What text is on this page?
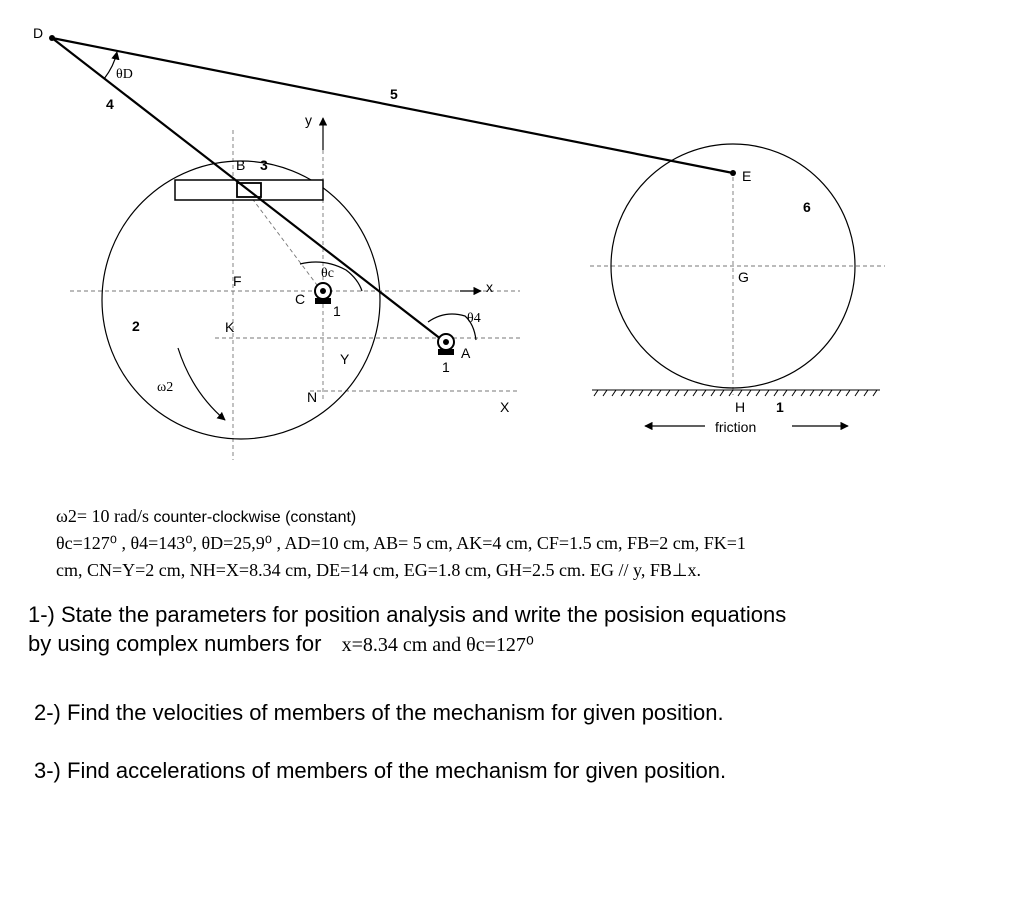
D
θD
4
5
y
B 3
E
6
F	θc	G
x
C
1	θ4
2	K
A
Y	1
ω2
N
X	H 1
friction
ω2= 10 rad/s counter-clockwise (constant)
θc=127⁰ , θ4=143⁰, θD=25,9⁰ , AD=10 cm, AB= 5 cm, AK=4 cm, CF=1.5 cm, FB=2 cm, FK=1
cm, CN=Y=2 cm, NH=X=8.34 cm, DE=14 cm, EG=1.8 cm, GH=2.5 cm. EG // y, FB⊥x.
1-) State the parameters for position analysis and write the posision equations
by using complex numbers for x=8.34 cm and θc=127⁰
2-) Find the velocities of members of the mechanism for given position.
3-) Find accelerations of members of the mechanism for given position.
